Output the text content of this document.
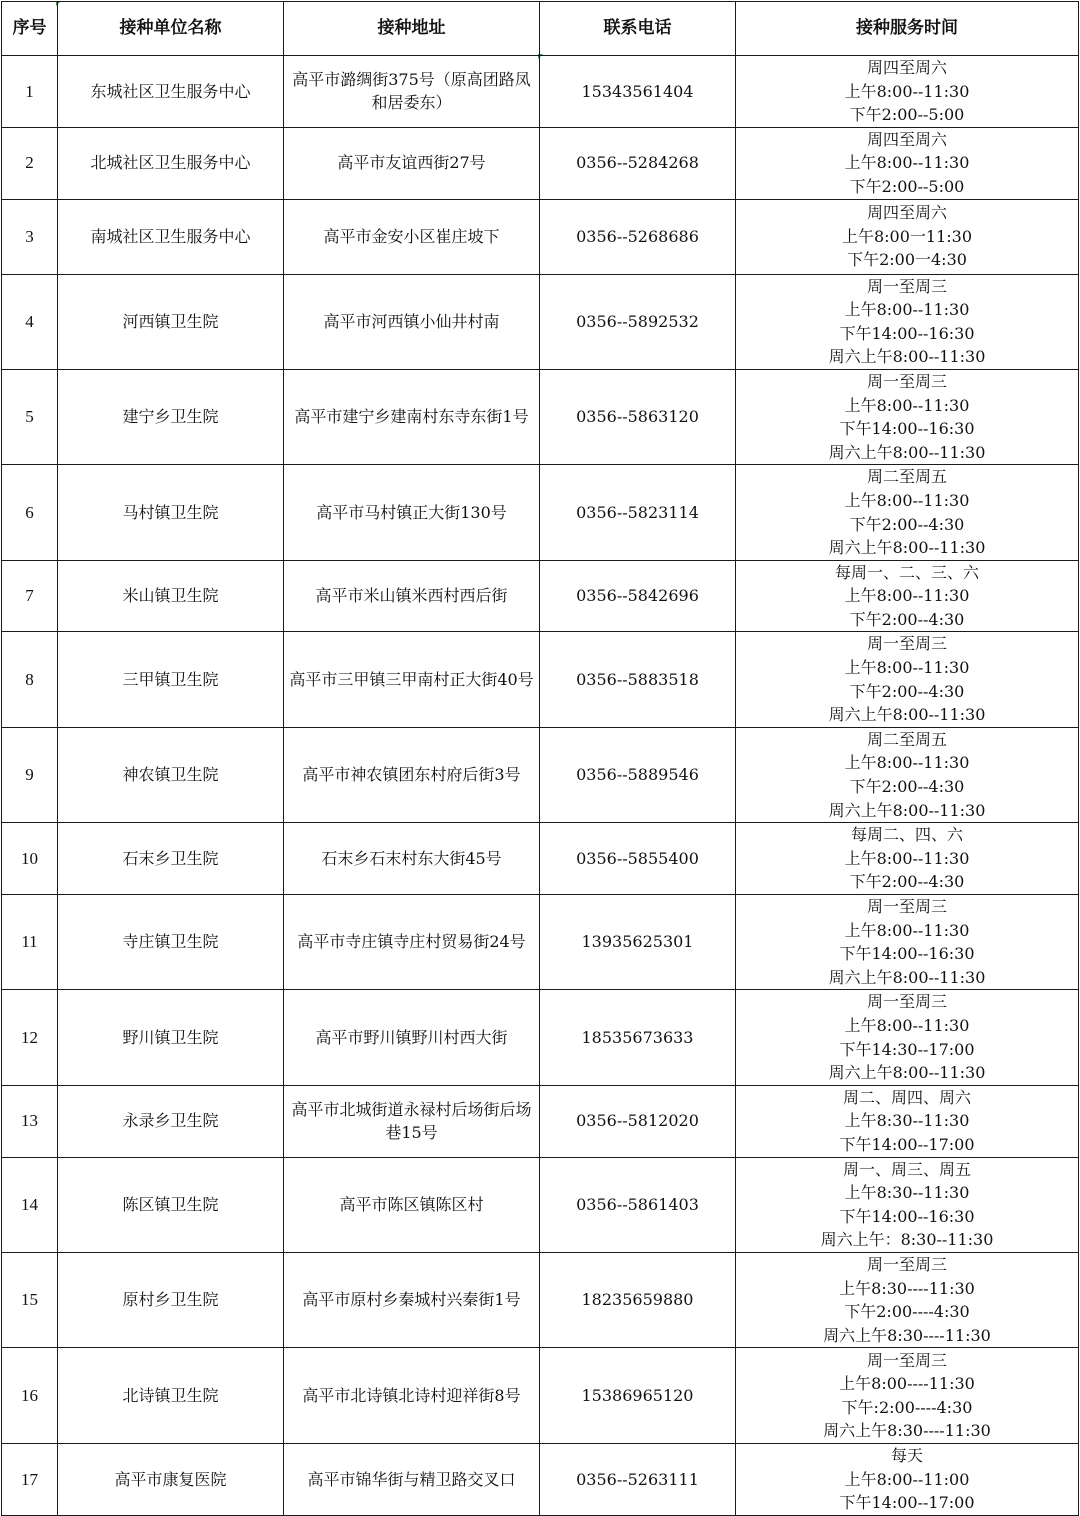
序号	接种单位名称	接种地址	联系电话	接种服务时间
1	东城社区卫生服务中心	高平市潞绸街375号（原高团路凤和居委东）	15343561404	周四至周六
上午8:00--11:30
下午2:00--5:00

2	北城社区卫生服务中心	高平市友谊西街27号	0356--5284268	周四至周六
上午8:00--11:30
下午2:00--5:00

3	南城社区卫生服务中心	高平市金安小区崔庄坡下	0356--5268686	周四至周六
上午8:00一11:30
下午2:00一4:30

4	河西镇卫生院	高平市河西镇小仙井村南	0356--5892532	周一至周三
上午8:00--11:30
下午14:00--16:30
周六上午8:00--11:30

5	建宁乡卫生院	高平市建宁乡建南村东寺东街1号	0356--5863120	周一至周三
上午8:00--11:30
下午14:00--16:30
周六上午8:00--11:30

6	马村镇卫生院	高平市马村镇正大街130号	0356--5823114	周二至周五
上午8:00--11:30
下午2:00--4:30
周六上午8:00--11:30

7	米山镇卫生院	高平市米山镇米西村西后街	0356--5842696	每周一、二、三、六
上午8:00--11:30
下午2:00--4:30

8	三甲镇卫生院	高平市三甲镇三甲南村正大街40号	0356--5883518	周一至周三
上午8:00--11:30
下午2:00--4:30
周六上午8:00--11:30

9	神农镇卫生院	高平市神农镇团东村府后街3号	0356--5889546	周二至周五
上午8:00--11:30
下午2:00--4:30
周六上午8:00--11:30

10	石末乡卫生院	石末乡石末村东大街45号	0356--5855400	每周二、四、六
上午8:00--11:30
下午2:00--4:30

11	寺庄镇卫生院	高平市寺庄镇寺庄村贸易街24号	13935625301	周一至周三
上午8:00--11:30
下午14:00--16:30
周六上午8:00--11:30

12	野川镇卫生院	高平市野川镇野川村西大街	18535673633	周一至周三
上午8:00--11:30
下午14:30--17:00
周六上午8:00--11:30

13	永录乡卫生院	高平市北城街道永禄村后场街后场巷15号	0356--5812020	周二、周四、周六
上午8:30--11:30
下午14:00--17:00

14	陈区镇卫生院	高平市陈区镇陈区村	0356--5861403	周一、周三、周五
上午8:30--11:30
下午14:00--16:30
周六上午：8:30--11:30

15	原村乡卫生院	高平市原村乡秦城村兴秦街1号	18235659880	周一至周三
上午8:30----11:30
下午2:00----4:30
周六上午8:30----11:30

16	北诗镇卫生院	高平市北诗镇北诗村迎祥街8号	15386965120	周一至周三
上午8:00----11:30
下午:2:00----4:30
周六上午8:30----11:30

17	高平市康复医院	高平市锦华街与精卫路交叉口	0356--5263111	每天
上午8:00--11:00
下午14:00--17:00
